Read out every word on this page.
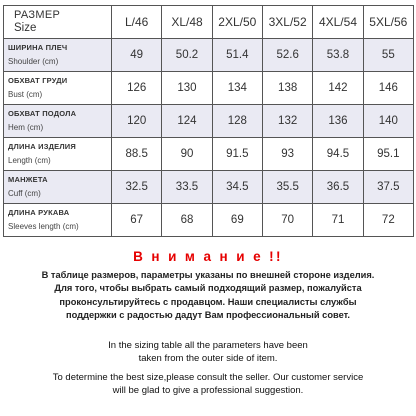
РАЗМЕР
Size	L/46	XL/48	2XL/50	3XL/52	4XL/54	5XL/56

ШИРИНА ПЛЕЧ
Shoulder (cm)	49	50.2	51.4	52.6	53.8	55

ОБХВАТ ГРУДИ
Bust (cm)	126	130	134	138	142	146

ОБХВАТ ПОДОЛА
Hem (cm)	120	124	128	132	136	140

ДЛИНА ИЗДЕЛИЯ
Length (cm)	88.5	90	91.5	93	94.5	95.1

МАНЖЕТА
Cuff (cm)	32.5	33.5	34.5	35.5	36.5	37.5

ДЛИНА РУКАВА
Sleeves length (cm)	67	68	69	70	71	72
В н и м а н и е !!
В таблице размеров, параметры указаны по внешней стороне изделия.
Для того, чтобы выбрать самый подходящий размер, пожалуйста
проконсультируйтесь с продавцом. Наши специалисты службы
поддержки с радостью дадут Вам профессиональный совет.
In the sizing table all the parameters have been
taken from the outer side of item.
To determine the best size,please consult the seller. Our customer service
will be glad to give a professional suggestion.
